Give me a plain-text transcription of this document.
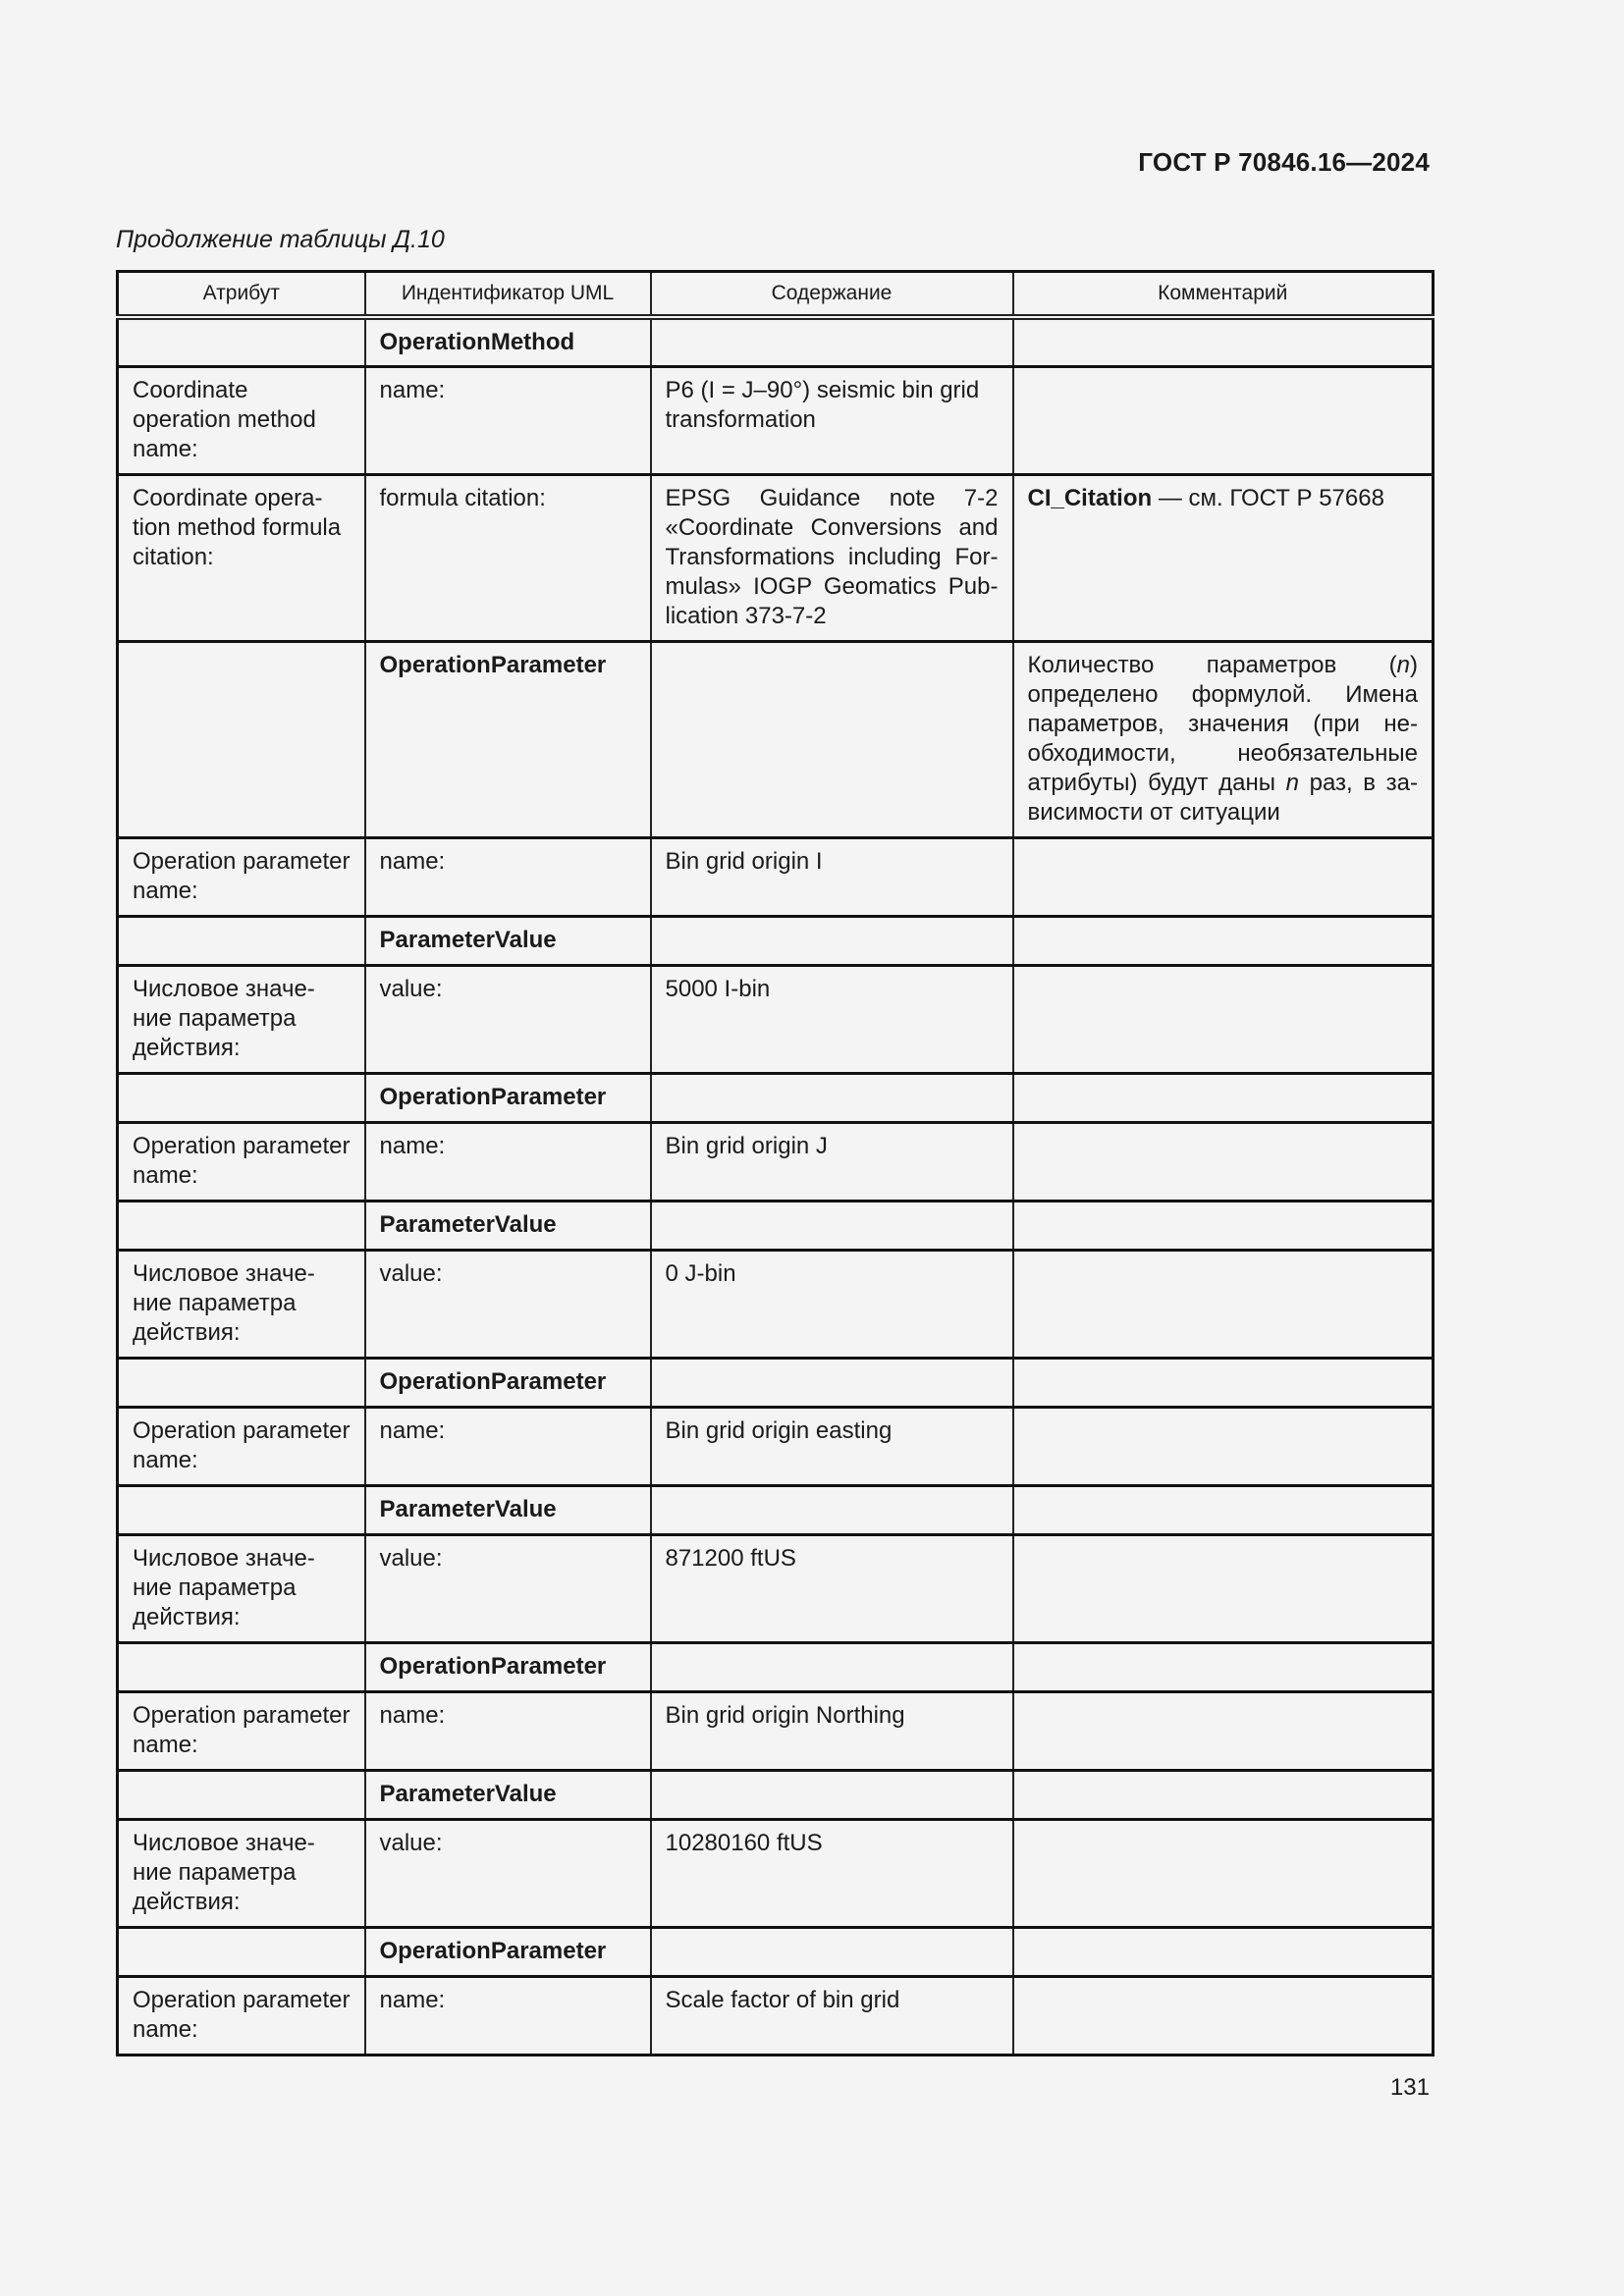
ГОСТ Р 70846.16—2024
Продолжение таблицы Д.10
Атрибут	Индентификатор UML	Содержание	Комментарий
	OperationMethod		
Coordinate operation method name:	name:	P6 (I = J–90°) seismic bin grid transformation	
Coordinate opera-tion method formula citation:	formula citation:	EPSG Guidance note 7-2 «Coordinate Conversions and Transformations including For-mulas» IOGP Geomatics Pub-lication 373-7-2	CI_Citation — см. ГОСТ Р 57668
	OperationParameter		Количество параметров (n) определено формулой. Имена параметров, значения (при не-обходимости, необязательные атрибуты) будут даны n раз, в за-висимости от ситуации
Operation parameter name:	name:	Bin grid origin I	
	ParameterValue		
Числовое значе-ние параметра действия:	value:	5000 I-bin	
	OperationParameter		
Operation parameter name:	name:	Bin grid origin J	
	ParameterValue		
Числовое значе-ние параметра действия:	value:	0 J-bin	
	OperationParameter		
Operation parameter name:	name:	Bin grid origin easting	
	ParameterValue		
Числовое значе-ние параметра действия:	value:	871200 ftUS	
	OperationParameter		
Operation parameter name:	name:	Bin grid origin Northing	
	ParameterValue		
Числовое значе-ние параметра действия:	value:	10280160 ftUS	
	OperationParameter		
Operation parameter name:	name:	Scale factor of bin grid	
131
